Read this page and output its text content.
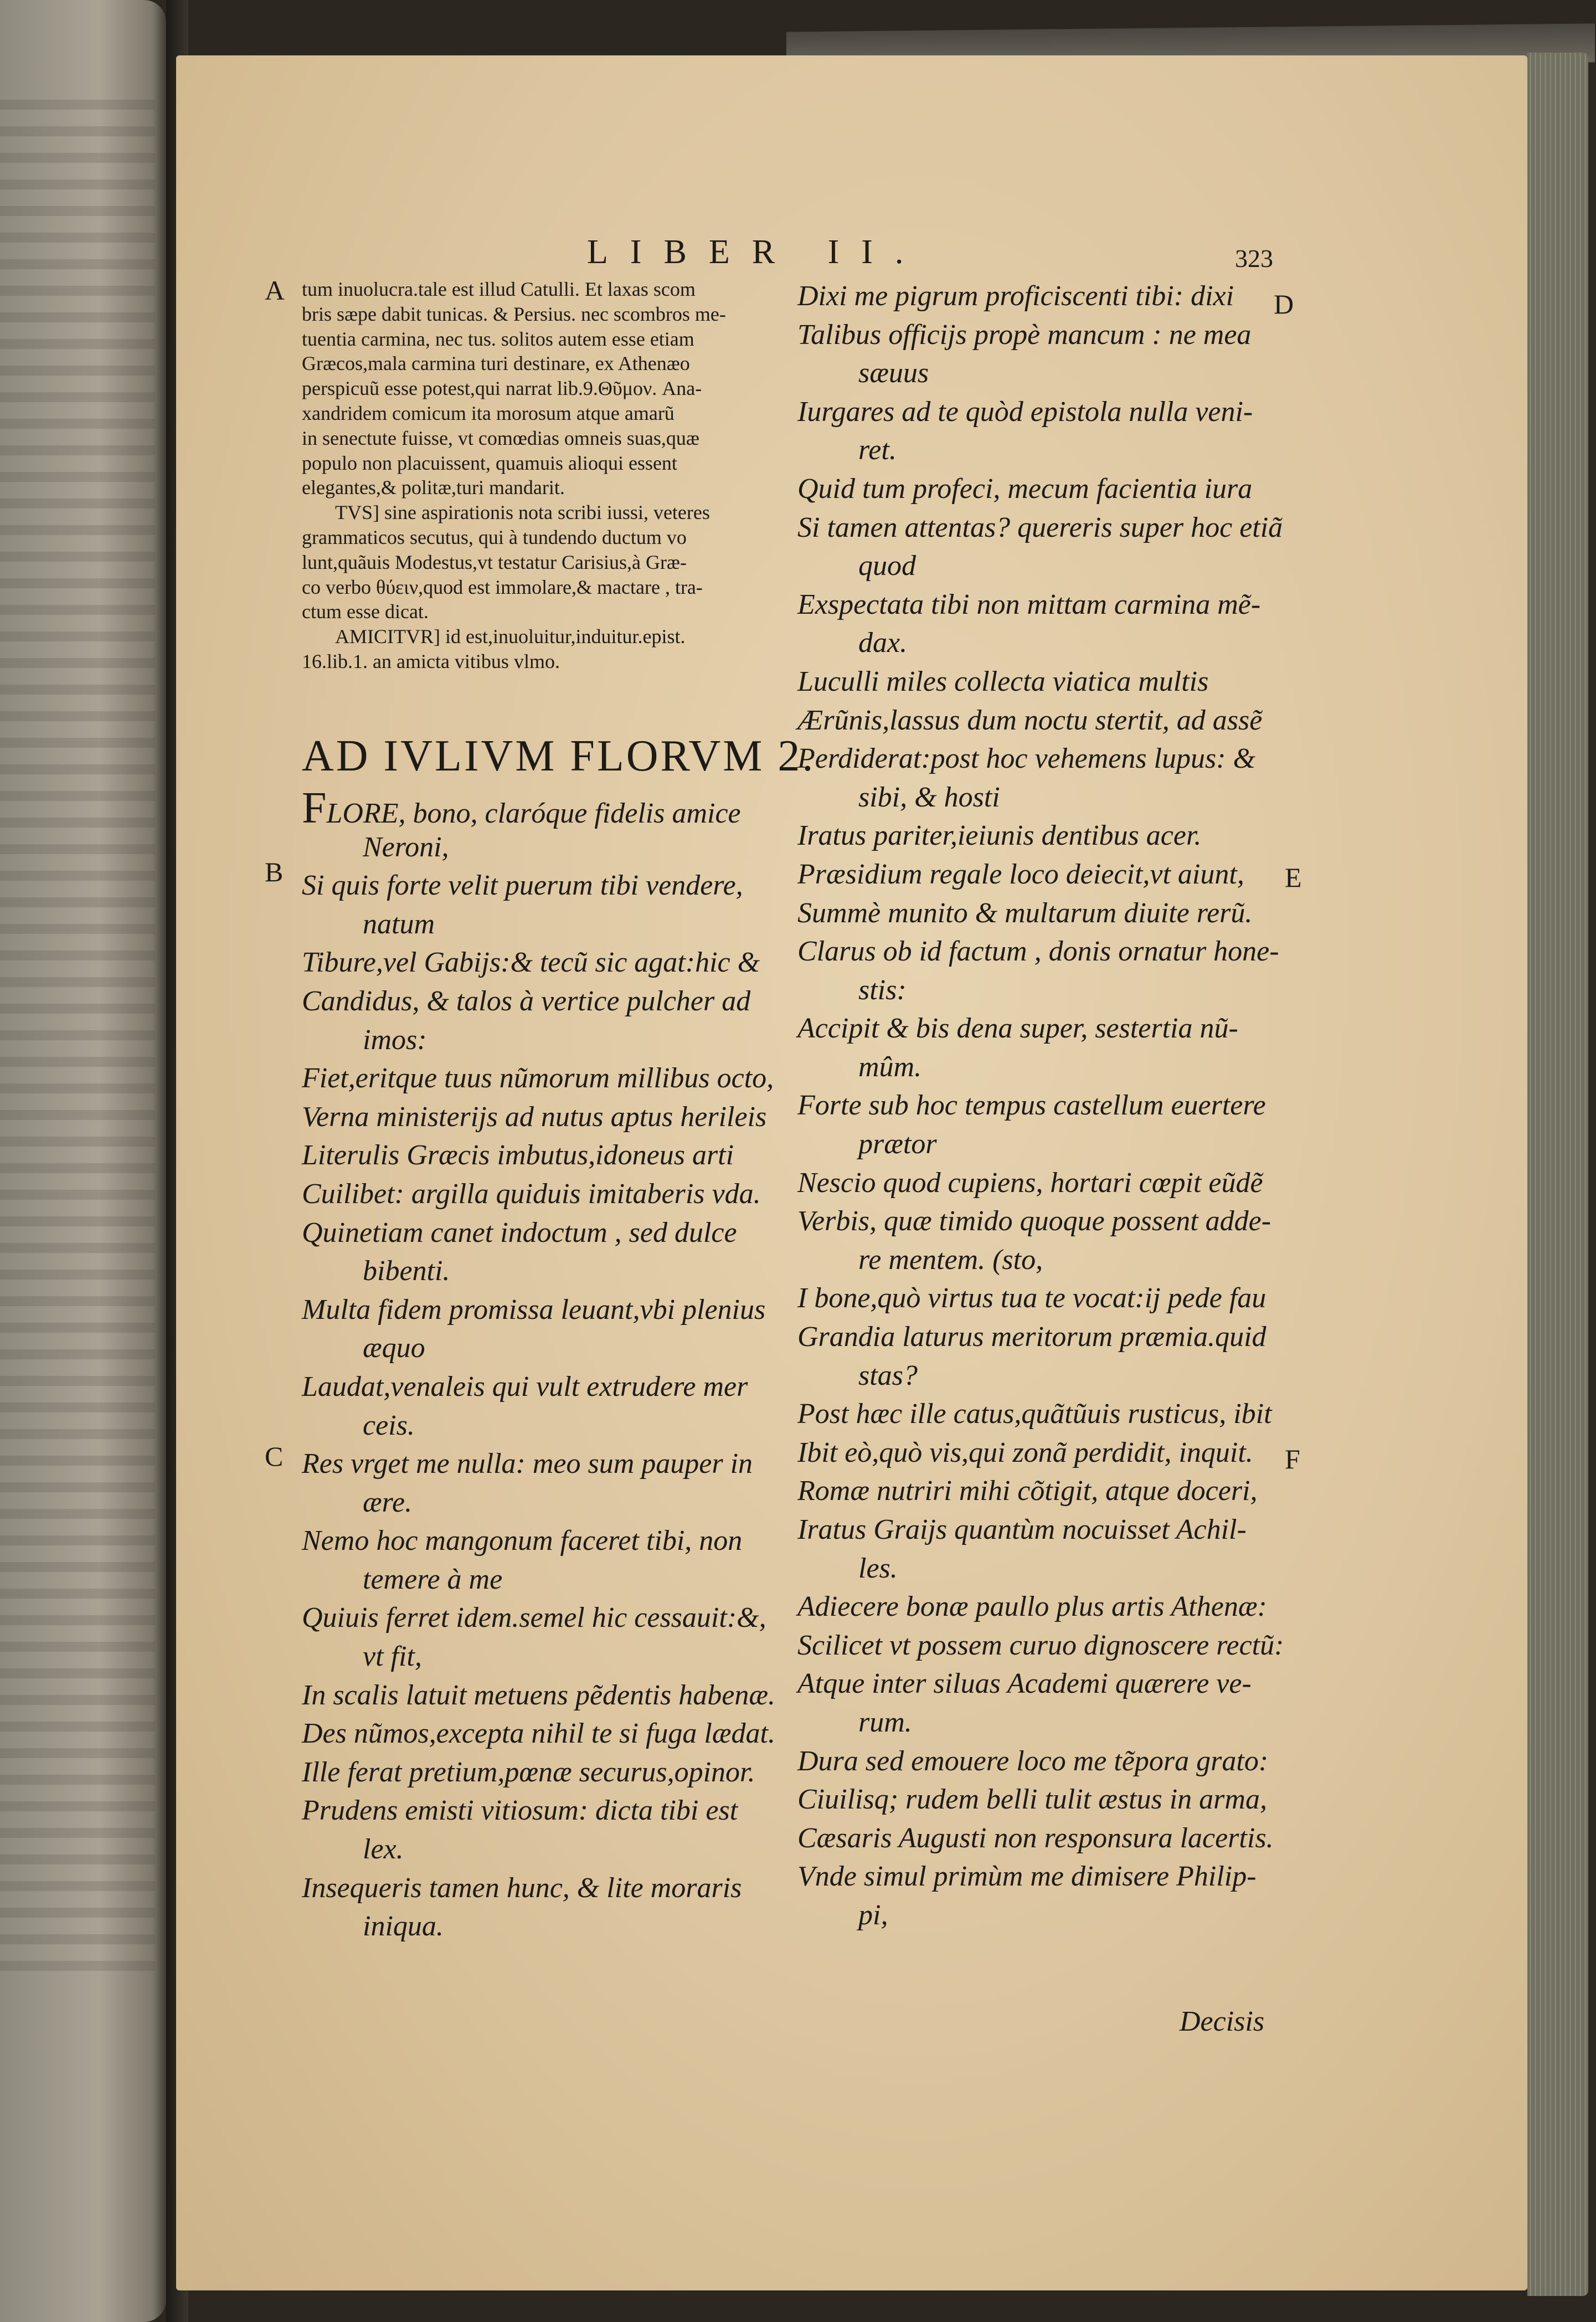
LIBER II.	323
A
B
C
D
E
F
tum inuolucra.tale est illud Catulli. Et laxas scom
bris sæpe dabit tunicas. & Persius. nec scombros me-
tuentia carmina, nec tus. solitos autem esse etiam
Græcos,mala carmina turi destinare, ex Athenæo
perspicuũ esse potest,qui narrat lib.9.Θῦμον. Ana-
xandridem comicum ita morosum atque amarũ
in senectute fuisse, vt comœdias omneis suas,quæ
populo non placuissent, quamuis alioqui essent
elegantes,& politæ,turi mandarit.
TVS] sine aspirationis nota scribi iussi, veteres
grammaticos secutus, qui à tundendo ductum vo
lunt,quãuis Modestus,vt testatur Carisius,à Græ-
co verbo θύειν,quod est immolare,& mactare , tra-
ctum esse dicat.
AMICITVR] id est,inuoluitur,induitur.epist.
16.lib.1. an amicta vitibus vlmo.
AD IVLIVM FLORVM 2.
FLORE, bono, claróque fidelis amice
Neroni,
Si quis forte velit puerum tibi vendere,
natum
Tibure,vel Gabijs:& tecũ sic agat:hic &
Candidus, & talos à vertice pulcher ad
imos:
Fiet,eritque tuus nũmorum millibus octo,
Verna ministerijs ad nutus aptus herileis
Literulis Græcis imbutus,idoneus arti
Cuilibet: argilla quiduis imitaberis vda.
Quinetiam canet indoctum , sed dulce
bibenti.
Multa fidem promissa leuant,vbi plenius
æquo
Laudat,venaleis qui vult extrudere mer
ceis.
Res vrget me nulla: meo sum pauper in
ære.
Nemo hoc mangonum faceret tibi, non
temere à me
Quiuis ferret idem.semel hic cessauit:&,
vt fit,
In scalis latuit metuens pẽdentis habenæ.
Des nũmos,excepta nihil te si fuga lædat.
Ille ferat pretium,pœnæ securus,opinor.
Prudens emisti vitiosum: dicta tibi est
lex.
Insequeris tamen hunc, & lite moraris
iniqua.
Dixi me pigrum proficiscenti tibi: dixi
Talibus officijs propè mancum : ne mea
sæuus
Iurgares ad te quòd epistola nulla veni-
ret.
Quid tum profeci, mecum facientia iura
Si tamen attentas? quereris super hoc etiã
quod
Exspectata tibi non mittam carmina mẽ-
dax.
Luculli miles collecta viatica multis
Ærũnis,lassus dum noctu stertit, ad assẽ
Perdiderat:post hoc vehemens lupus: &
sibi, & hosti
Iratus pariter,ieiunis dentibus acer.
Præsidium regale loco deiecit,vt aiunt,
Summè munito & multarum diuite rerũ.
Clarus ob id factum , donis ornatur hone-
stis:
Accipit & bis dena super, sestertia nũ-
mûm.
Forte sub hoc tempus castellum euertere
prætor
Nescio quod cupiens, hortari cœpit eũdẽ
Verbis, quæ timido quoque possent adde-
re mentem. (sto,
I bone,quò virtus tua te vocat:ij pede fau
Grandia laturus meritorum præmia.quid
stas?
Post hæc ille catus,quãtũuis rusticus, ibit
Ibit eò,quò vis,qui zonã perdidit, inquit.
Romæ nutriri mihi cõtigit, atque doceri,
Iratus Graijs quantùm nocuisset Achil-
les.
Adiecere bonæ paullo plus artis Athenæ:
Scilicet vt possem curuo dignoscere rectũ:
Atque inter siluas Academi quærere ve-
rum.
Dura sed emouere loco me tẽpora grato:
Ciuilisq; rudem belli tulit æstus in arma,
Cæsaris Augusti non responsura lacertis.
Vnde simul primùm me dimisere Philip-
pi,
Decisis
